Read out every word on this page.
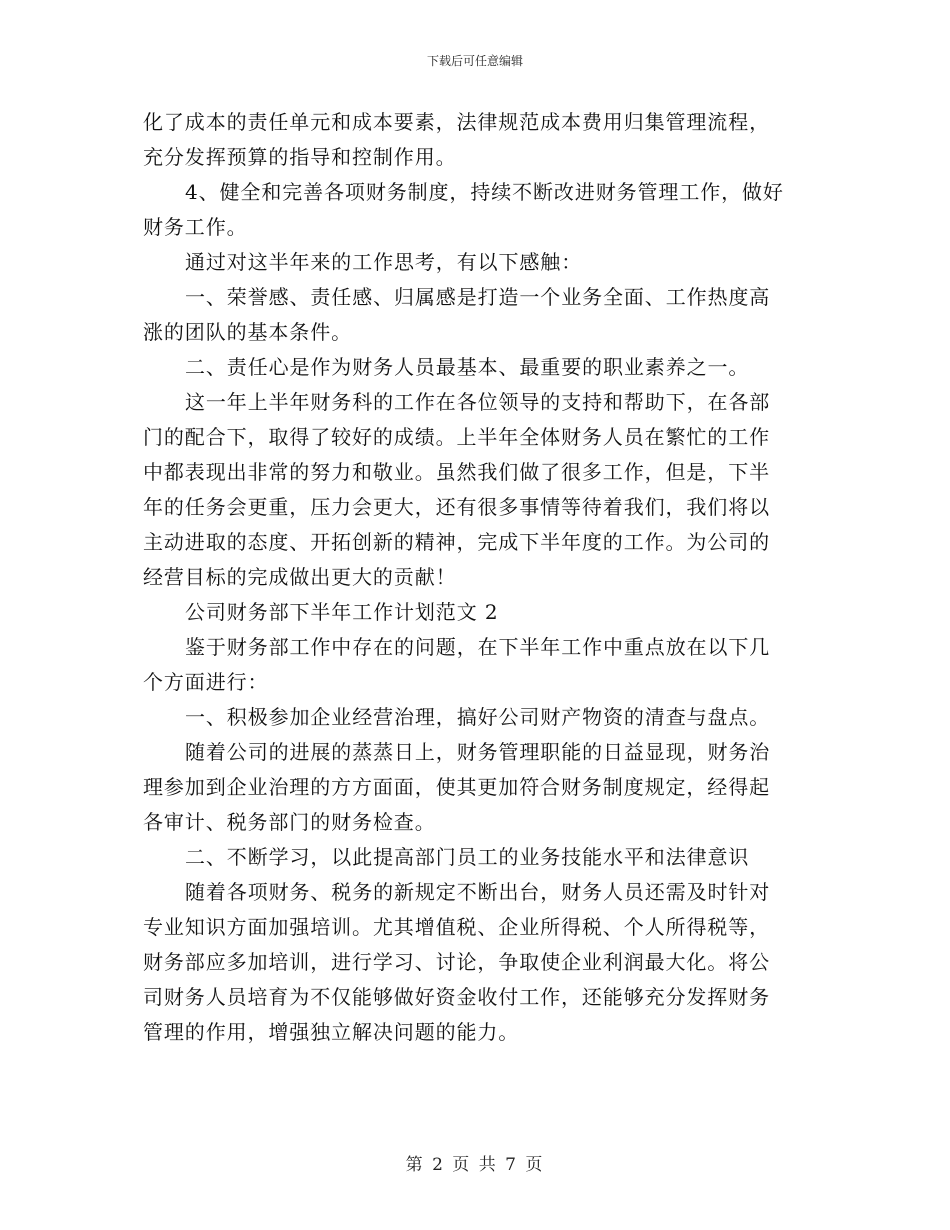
下载后可任意编辑
化了成本的责任单元和成本要素，法律规范成本费用归集管理流程，
充分发挥预算的指导和控制作用。
4、健全和完善各项财务制度，持续不断改进财务管理工作，做好
财务工作。
通过对这半年来的工作思考，有以下感触：
一、荣誉感、责任感、归属感是打造一个业务全面、工作热度高
涨的团队的基本条件。
二、责任心是作为财务人员最基本、最重要的职业素养之一。
这一年上半年财务科的工作在各位领导的支持和帮助下，在各部
门的配合下，取得了较好的成绩。上半年全体财务人员在繁忙的工作
中都表现出非常的努力和敬业。虽然我们做了很多工作，但是，下半
年的任务会更重，压力会更大，还有很多事情等待着我们，我们将以
主动进取的态度、开拓创新的精神，完成下半年度的工作。为公司的
经营目标的完成做出更大的贡献！
公司财务部下半年工作计划范文 2
鉴于财务部工作中存在的问题，在下半年工作中重点放在以下几
个方面进行：
一、积极参加企业经营治理，搞好公司财产物资的清查与盘点。
随着公司的进展的蒸蒸日上，财务管理职能的日益显现，财务治
理参加到企业治理的方方面面，使其更加符合财务制度规定，经得起
各审计、税务部门的财务检查。
二、不断学习，以此提高部门员工的业务技能水平和法律意识
随着各项财务、税务的新规定不断出台，财务人员还需及时针对
专业知识方面加强培训。尤其增值税、企业所得税、个人所得税等，
财务部应多加培训，进行学习、讨论，争取使企业利润最大化。将公
司财务人员培育为不仅能够做好资金收付工作，还能够充分发挥财务
管理的作用，增强独立解决问题的能力。
第 2 页 共 7 页
